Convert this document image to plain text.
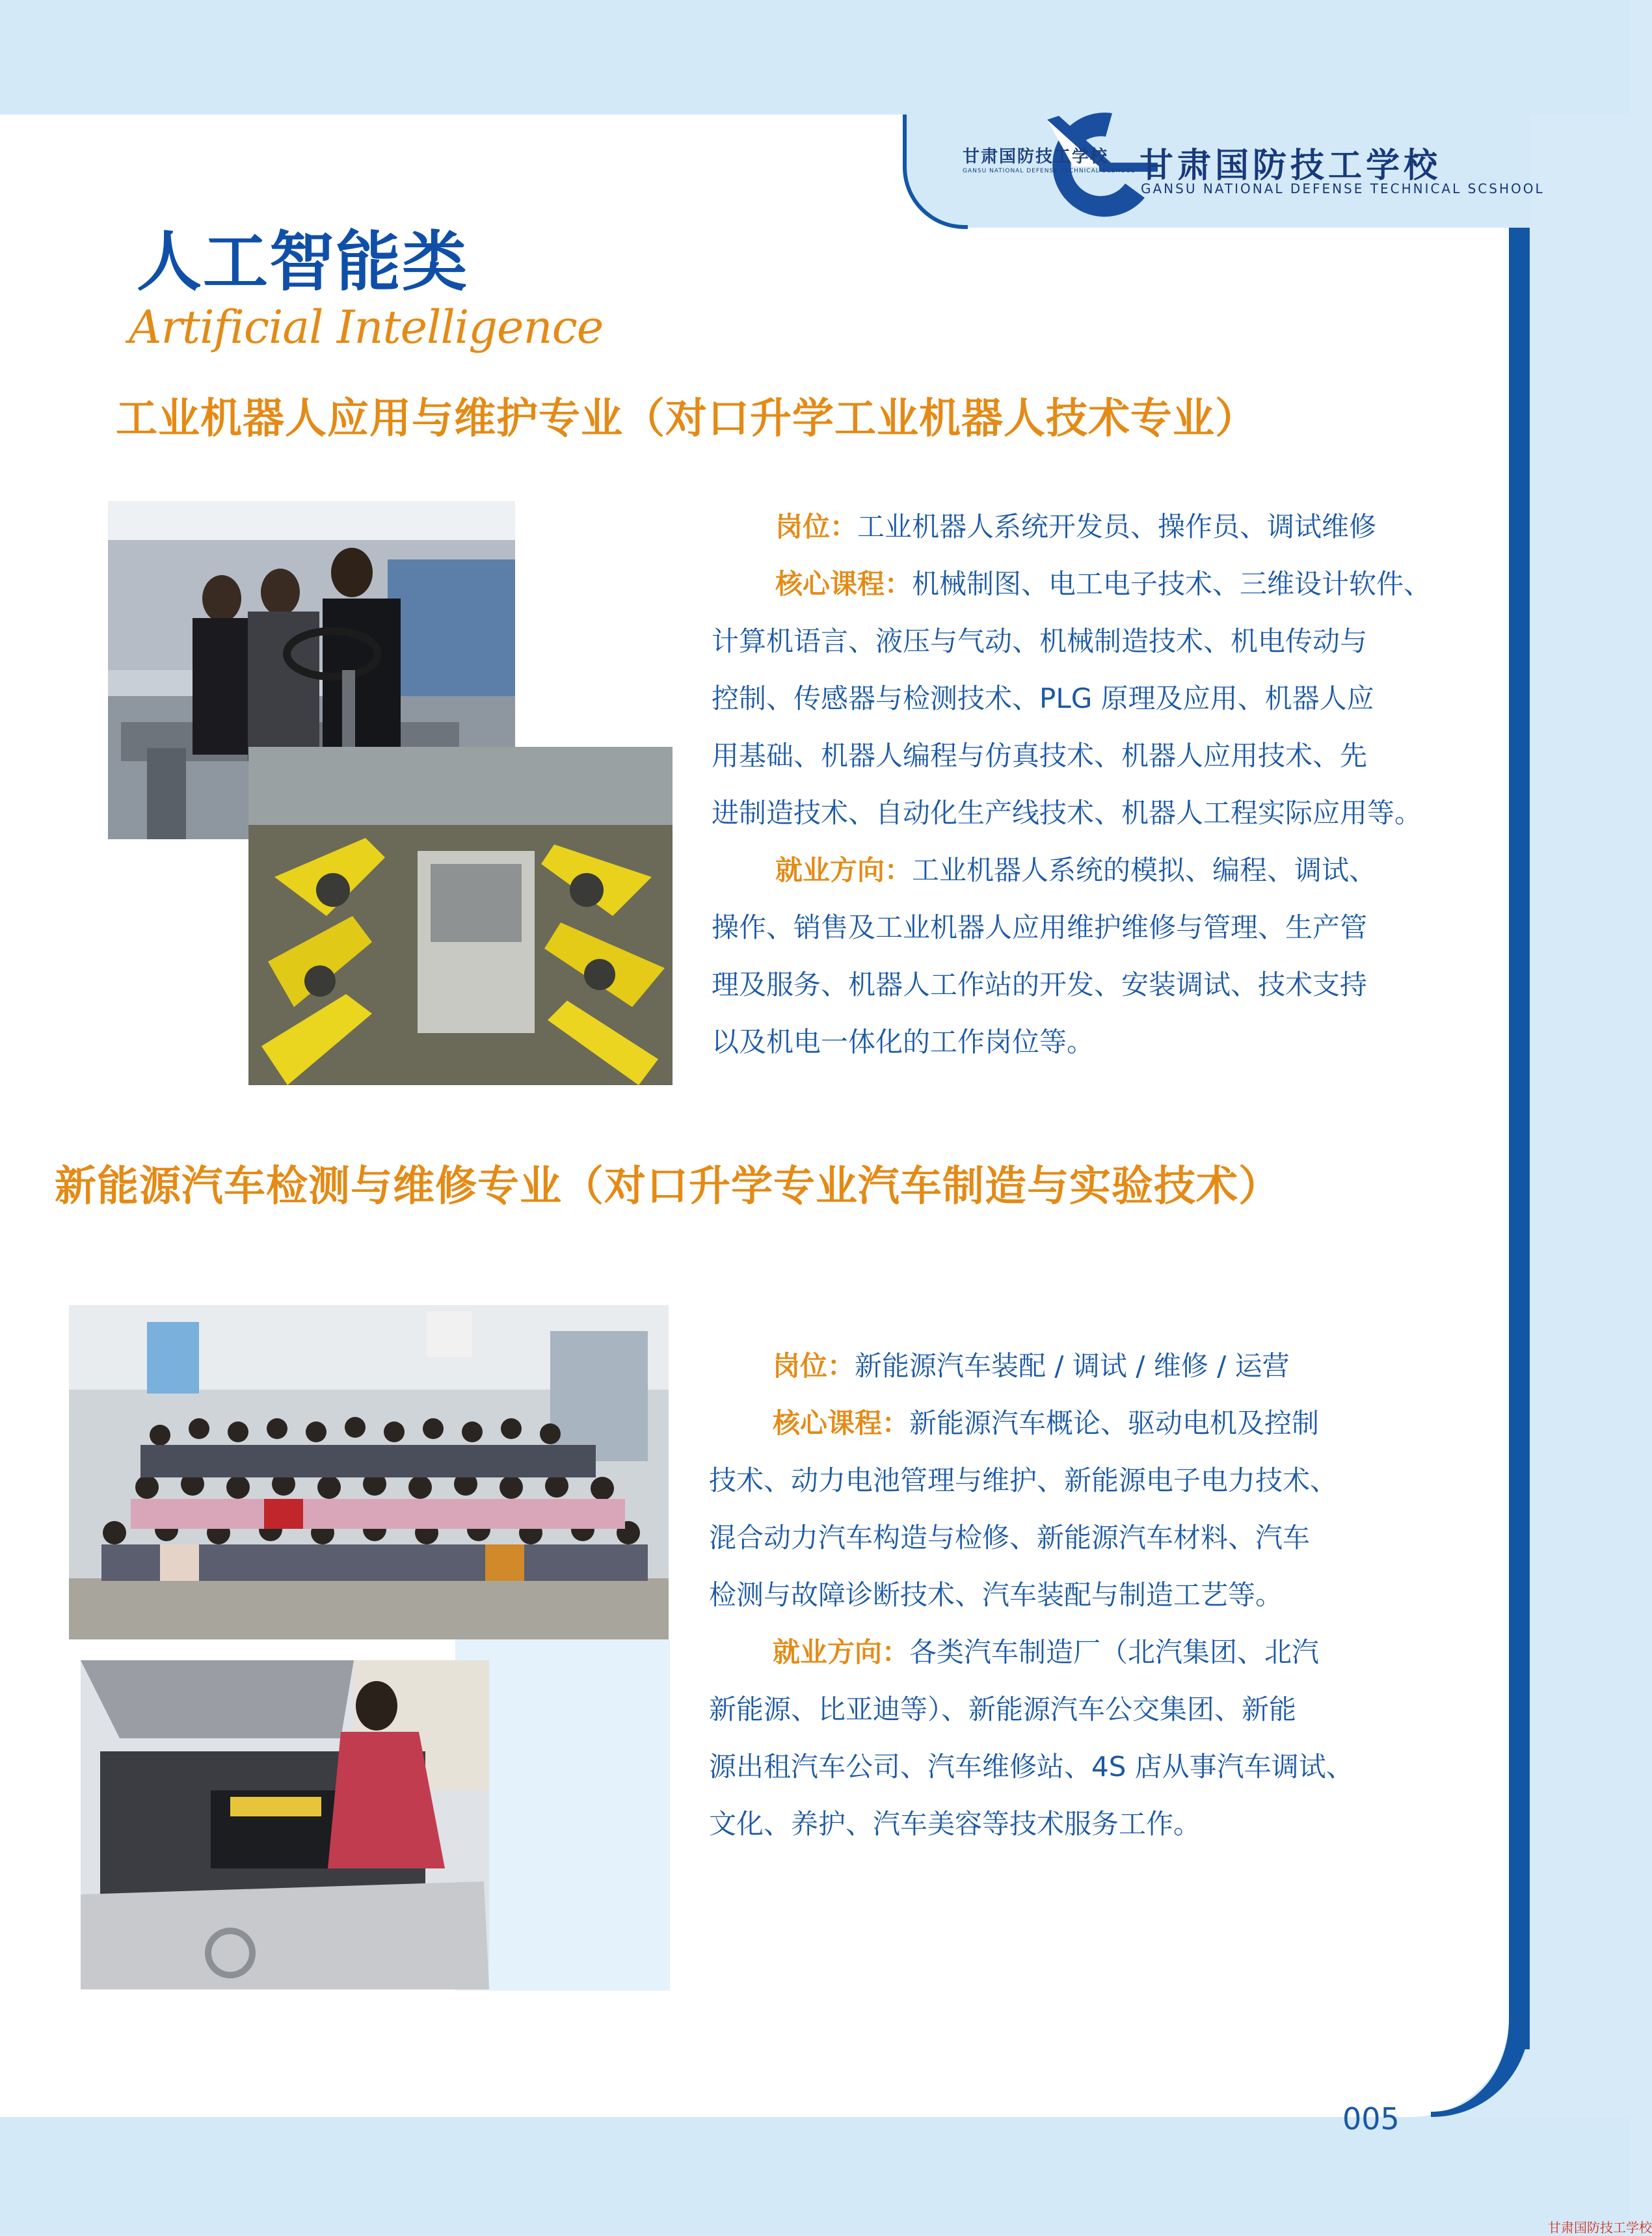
甘肃国防技工学校
GANSU NATIONAL DEFENSE TECHNICAL SCSHOOL 甘肃国防技工学校
GANSU NATIONAL DEFENSE TECHNICAL SCSHOOL
人工智能类
Artificial Intelligence
工业机器人应用与维护专业（对口升学工业机器人技术专业）

岗位：工业机器人系统开发员、操作员、调试维修

核心课程：机械制图、电工电子技术、三维设计软件、

计算机语言、液压与气动、机械制造技术、机电传动与

控制、传感器与检测技术、PLG 原理及应用、机器人应

用基础、机器人编程与仿真技术、机器人应用技术、先

进制造技术、自动化生产线技术、机器人工程实际应用等。

就业方向：工业机器人系统的模拟、编程、调试、

操作、销售及工业机器人应用维护维修与管理、生产管

理及服务、机器人工作站的开发、安装调试、技术支持

以及机电一体化的工作岗位等。

新能源汽车检测与维修专业（对口升学专业汽车制造与实验技术）

岗位：新能源汽车装配 / 调试 / 维修 / 运营

核心课程：新能源汽车概论、驱动电机及控制

技术、动力电池管理与维护、新能源电子电力技术、

混合动力汽车构造与检修、新能源汽车材料、汽车

检测与故障诊断技术、汽车装配与制造工艺等。

就业方向：各类汽车制造厂（北汽集团、北汽

新能源、比亚迪等）、新能源汽车公交集团、新能

源出租汽车公司、汽车维修站、4S 店从事汽车调试、

文化、养护、汽车美容等技术服务工作。

005
甘肃国防技工学校
